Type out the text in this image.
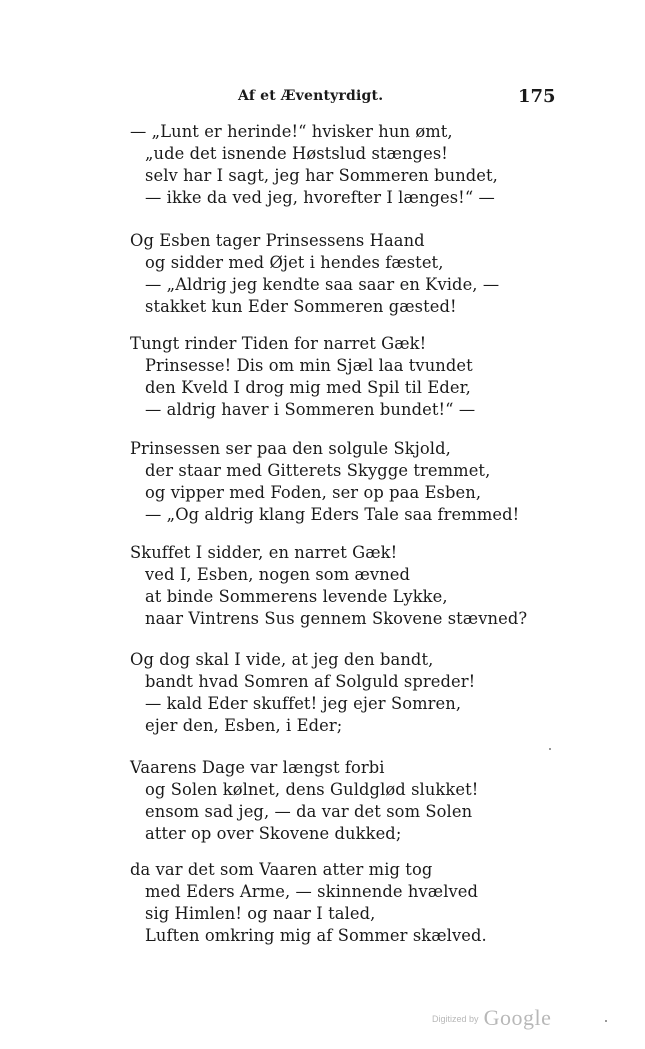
Af et Æventyrdigt.	175
— „Lunt er herinde!“ hvisker hun ømt,
„ude det isnende Høstslud stænges!
selv har I sagt, jeg har Sommeren bundet,
— ikke da ved jeg, hvorefter I længes!“ —
Og Esben tager Prinsessens Haand
og sidder med Øjet i hendes fæstet,
— „Aldrig jeg kendte saa saar en Kvide, —
stakket kun Eder Sommeren gæsted!
Tungt rinder Tiden for narret Gæk!
Prinsesse! Dis om min Sjæl laa tvundet
den Kveld I drog mig med Spil til Eder,
— aldrig haver i Sommeren bundet!“ —
Prinsessen ser paa den solgule Skjold,
der staar med Gitterets Skygge tremmet,
og vipper med Foden, ser op paa Esben,
— „Og aldrig klang Eders Tale saa fremmed!
Skuffet I sidder, en narret Gæk!
ved I, Esben, nogen som ævned
at binde Sommerens levende Lykke,
naar Vintrens Sus gennem Skovene stævned?
Og dog skal I vide, at jeg den bandt,
bandt hvad Somren af Solguld spreder!
— kald Eder skuffet! jeg ejer Somren,
ejer den, Esben, i Eder;
Vaarens Dage var længst forbi
og Solen kølnet, dens Guldglød slukket!
ensom sad jeg, — da var det som Solen
atter op over Skovene dukked;
da var det som Vaaren atter mig tog
med Eders Arme, — skinnende hvælved
sig Himlen! og naar I taled,
Luften omkring mig af Sommer skælved.
Digitized by Google
